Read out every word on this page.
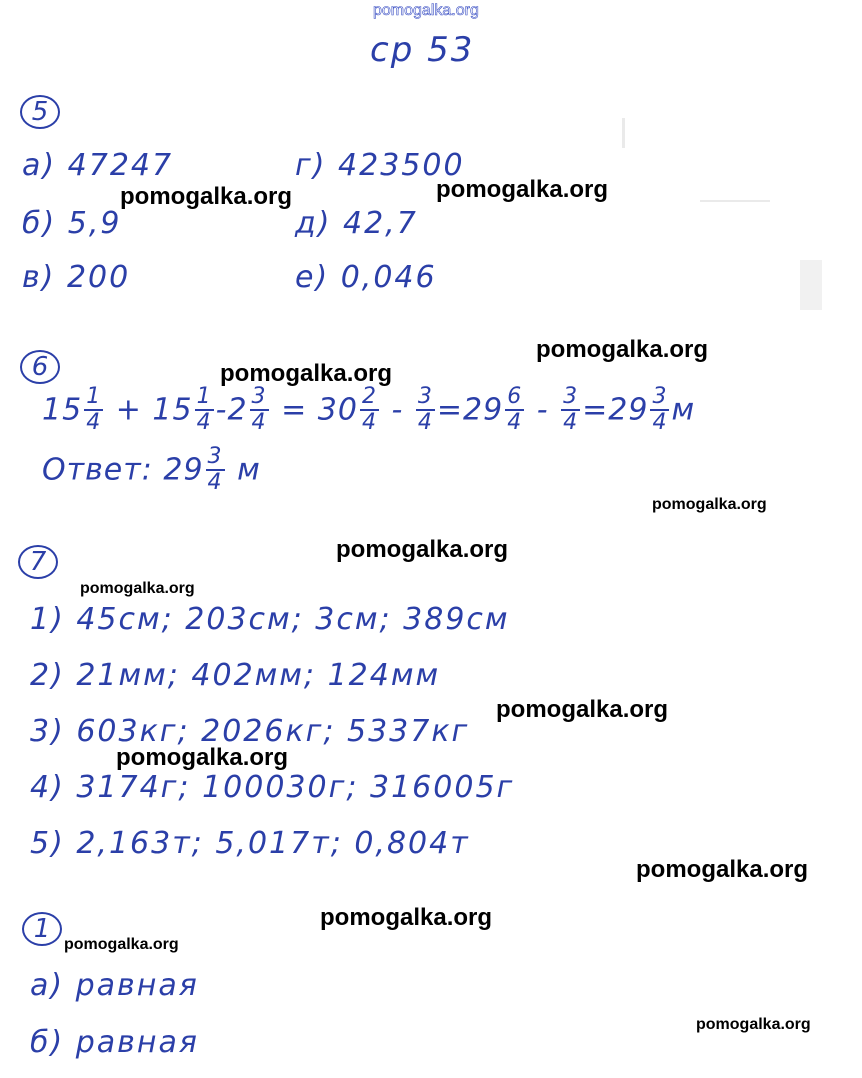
pomogalka.org
ср 53
5
а) 47247	г) 423500
б) 5,9	д) 42,7
в) 200	е) 0,046
6
$15 \frac{1}{4} + 15 \frac{1}{4} -2 \frac{3}{4} = 30 \frac{2}{4} - \frac{3}{4} =29 \frac{6}{4} - \frac{3}{4} =29 \frac{3}{4}$ м
Ответ: $29 \frac{3}{4}$ м
7
1) 45см; 203см; 3см; 389см
2) 21мм; 402мм; 124мм
3) 603кг; 2026кг; 5337кг
4) 3174г; 100030г; 316005г
5) 2,163т; 5,017т; 0,804т
1
а) равная
б) равная
pomogalka.org	pomogalka.org
pomogalka.org
pomogalka.org
pomogalka.org
pomogalka.org
pomogalka.org
pomogalka.org
pomogalka.org
pomogalka.org
pomogalka.org
pomogalka.org
pomogalka.org
